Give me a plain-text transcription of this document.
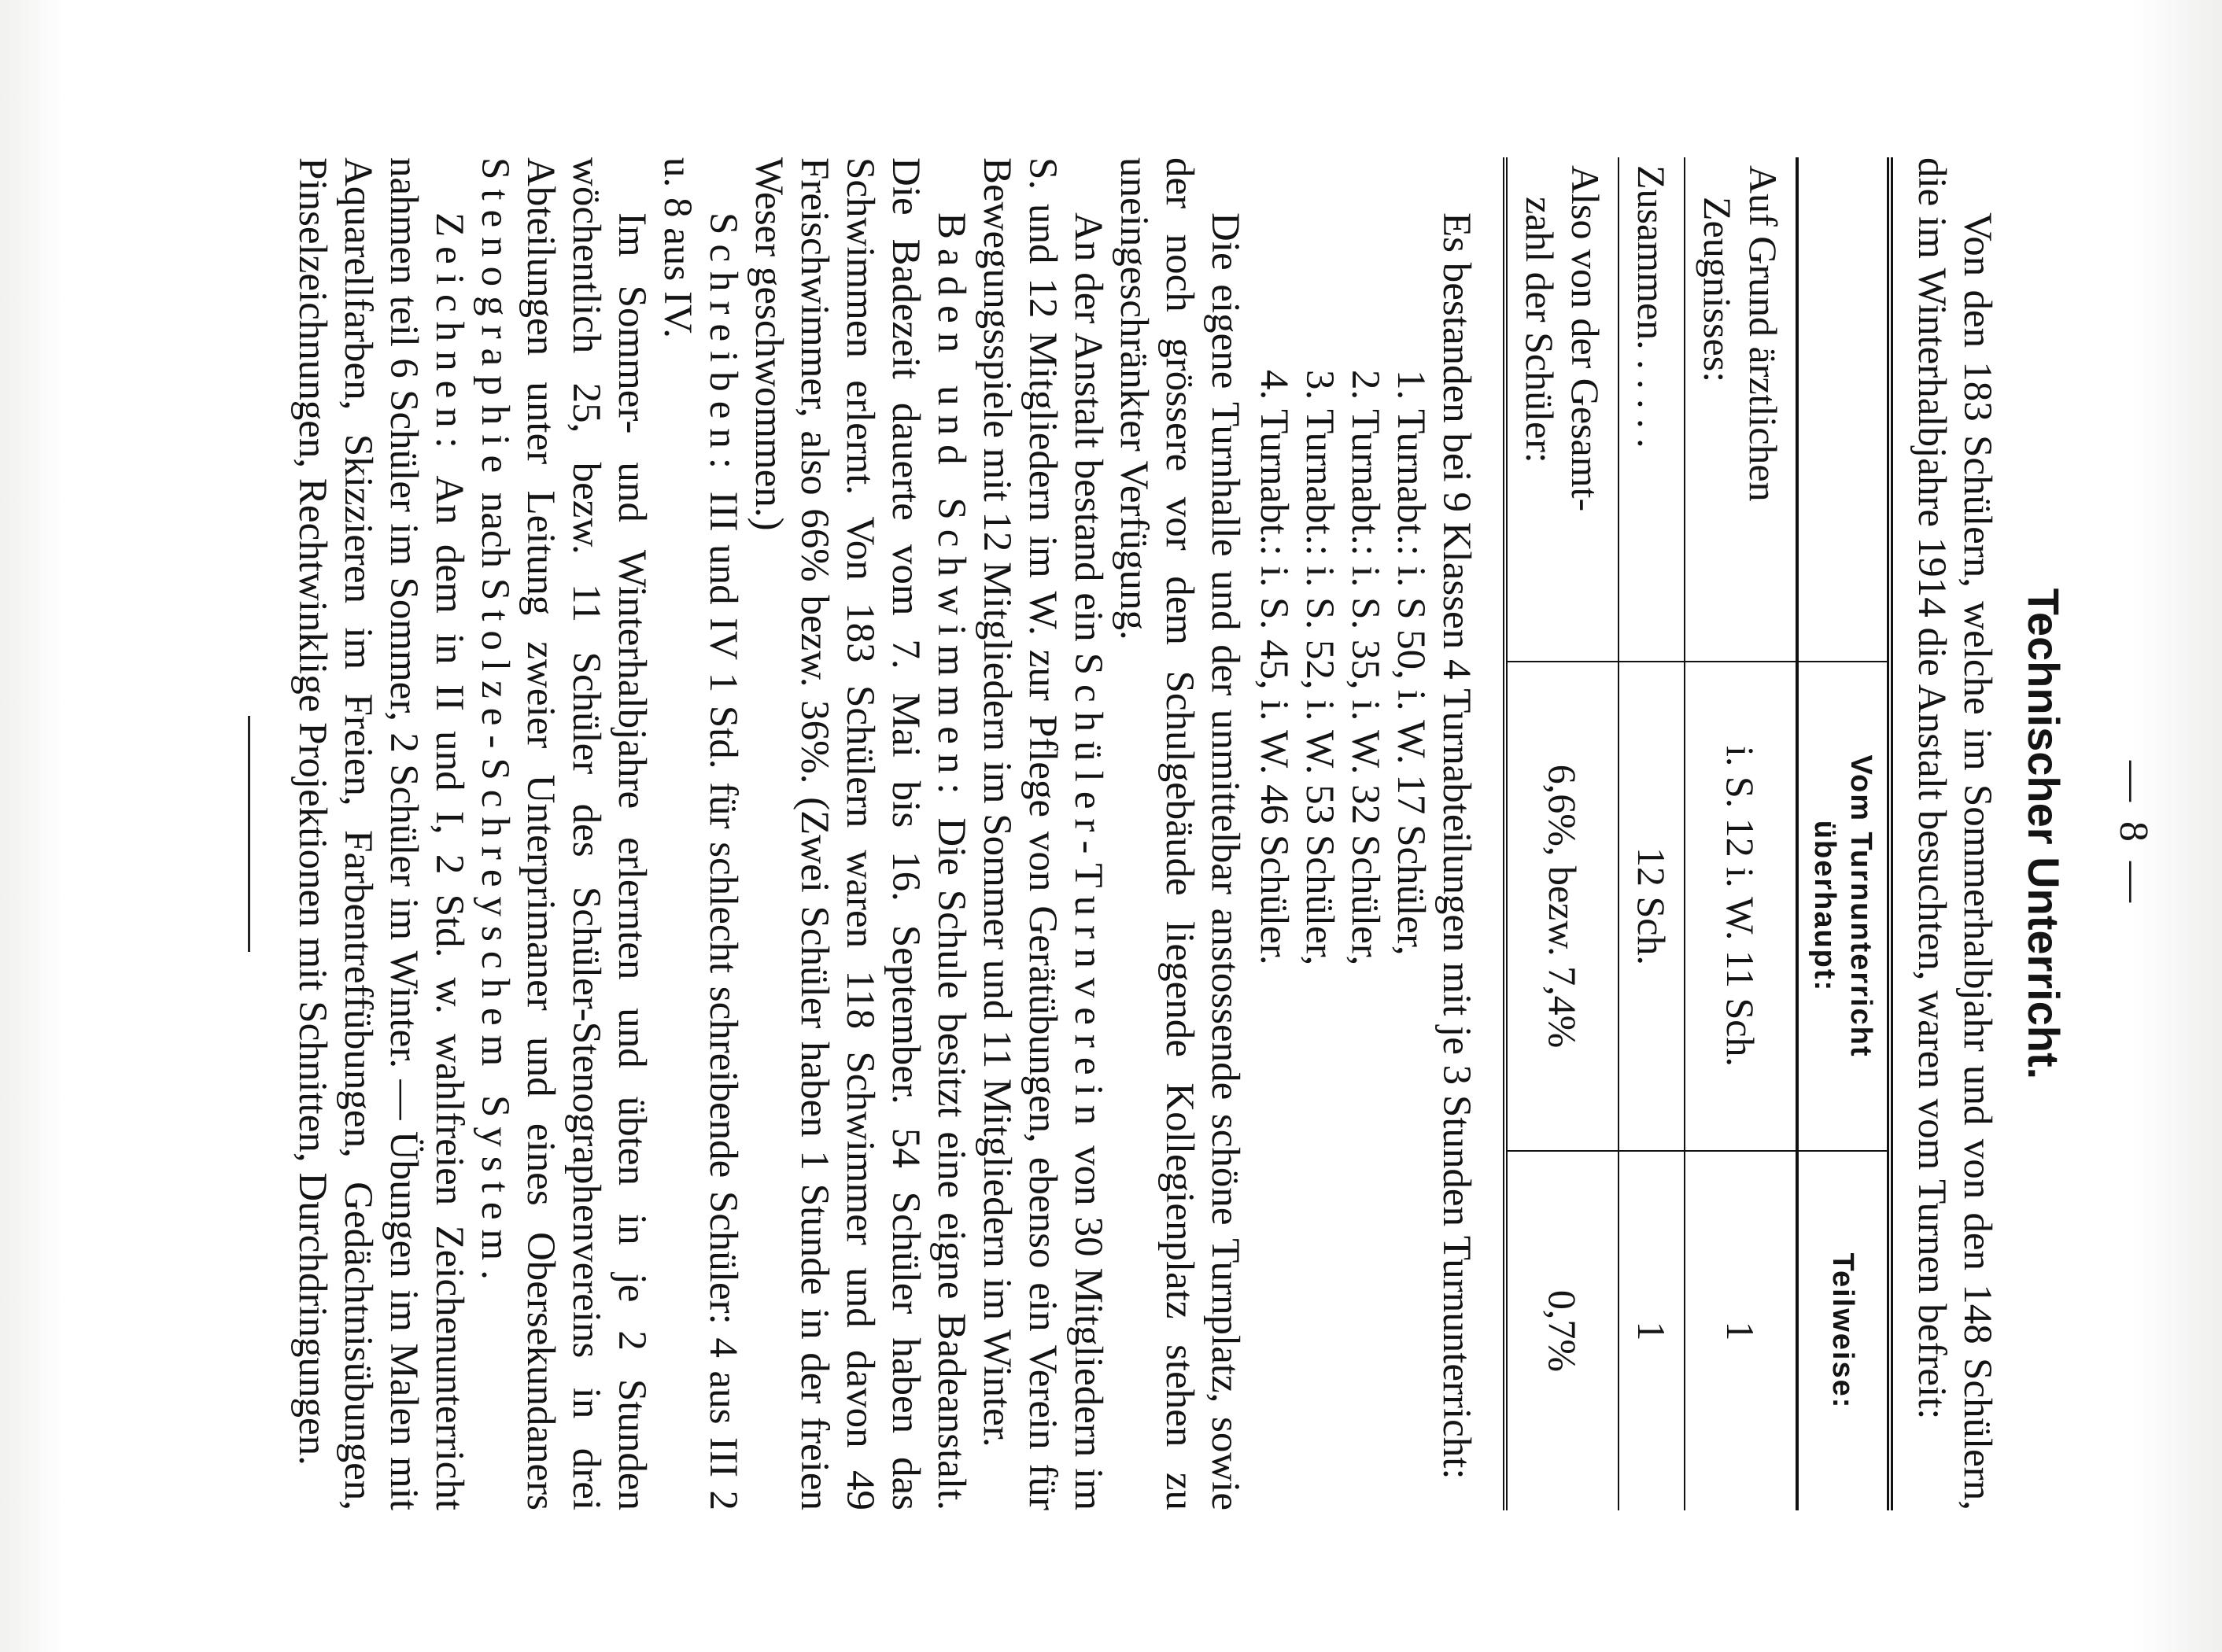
— 8 —
Technischer Unterricht.

Von den 183 Schülern, welche im Sommerhalbjahr und von den 148 Schülern, die im Winterhalbjahre 1914 die Anstalt besuchten, waren vom Turnen befreit:

	Vom Turnunterricht überhaupt:	Teilweise:

Auf Grund ärztlichen
Zeugnisses:	i. S. 12 i. W. 11 Sch.	1
Zusammen. . . . . .	12 Sch.	1

Also von der Gesamt-
zahl der Schüler:	6,6%, bezw. 7,4%	0,7%

Es bestanden bei 9 Klassen 4 Turnabteilungen mit je 3 Stunden Turnunterricht:

1. Turnabt.: i. S 50, i. W. 17 Schüler,
2. Turnabt.: i. S. 35, i. W. 32 Schüler,
3. Turnabt.: i. S. 52, i. W. 53 Schüler,
4. Turnabt.: i. S. 45, i. W. 46 Schüler.

Die eigene Turnhalle und der unmittelbar anstossende schöne Turnplatz, sowie der noch grössere vor dem Schulgebäude liegende Kollegienplatz stehen zu uneingeschränkter Verfügung.

An der Anstalt bestand ein Schüler-Turnverein von 30 Mitgliedern im S. und 12 Mitgliedern im W. zur Pflege von Gerätübungen, ebenso ein Verein für Bewegungsspiele mit 12 Mitgliedern im Sommer und 11 Mitgliedern im Winter.

Baden und Schwimmen: Die Schule besitzt eine eigne Badeanstalt. Die Badezeit dauerte vom 7. Mai bis 16. September. 54 Schüler haben das Schwimmen erlernt. Von 183 Schülern waren 118 Schwimmer und davon 49 Freischwimmer, also 66% bezw. 36%. (Zwei Schüler haben 1 Stunde in der freien Weser geschwommen.)

Schreiben: III und IV 1 Std. für schlecht schreibende Schüler: 4 aus III 2 u. 8 aus IV.

Im Sommer- und Winterhalbjahre erlernten und übten in je 2 Stunden wöchentlich 25, bezw. 11 Schüler des Schüler-Stenographenvereins in drei Abteilungen unter Leitung zweier Unterprimaner und eines Obersekundaners Stenographie nach Stolze-Schreyschem System.

Zeichnen: An dem in II und I, 2 Std. w. wahlfreien Zeichenunterricht nahmen teil 6 Schüler im Sommer, 2 Schüler im Winter. — Übungen im Malen mit Aquarellfarben, Skizzieren im Freien, Farbentreffübungen, Gedächtnisübungen, Pinselzeichnungen, Rechtwinklige Projektionen mit Schnitten, Durchdringungen.
